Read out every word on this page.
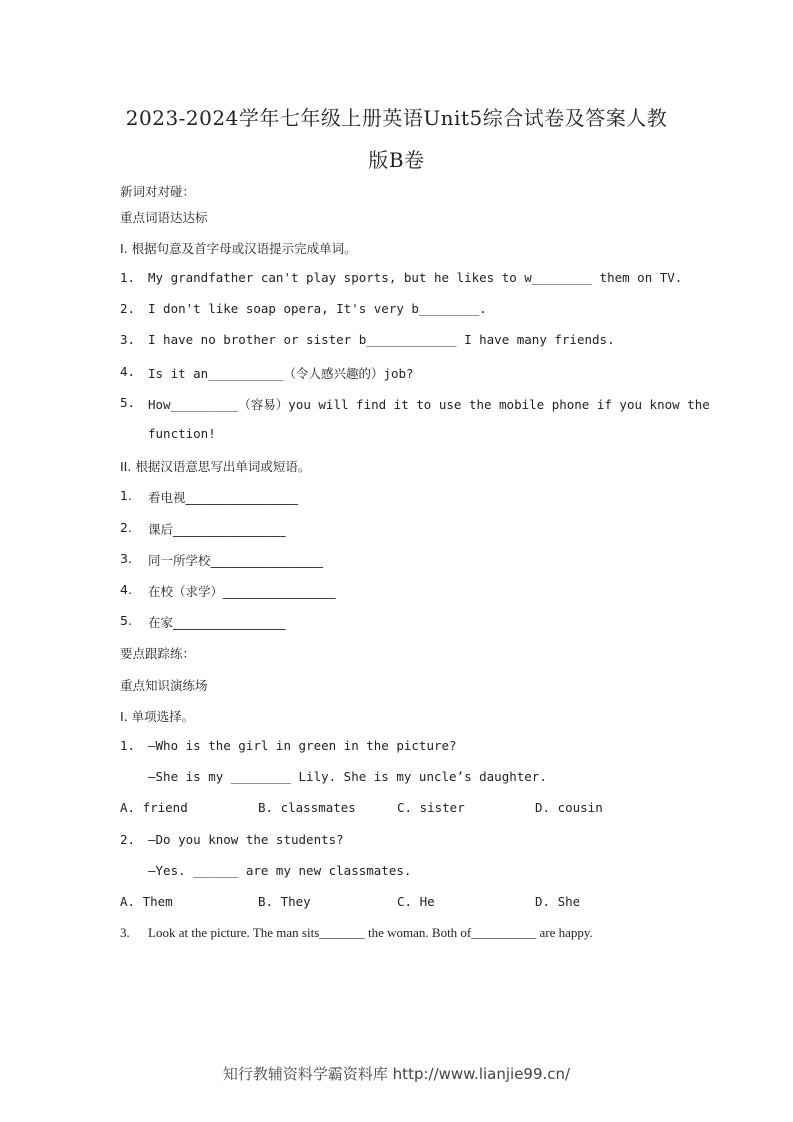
2023-2024学年七年级上册英语Unit5综合试卷及答案人教
版B卷
新词对对碰：
重点词语达达标
I. 根据句意及首字母或汉语提示完成单词。
1. My grandfather can't play sports, but he likes to w________ them on TV.
2. I don't like soap opera, It's very b________.
3. I have no brother or sister b____________ I have many friends.
4. Is it an__________（令人感兴趣的）job?
5. How_________（容易）you will find it to use the mobile phone if you know the
function!
II. 根据汉语意思写出单词或短语。
1. 看电视__________________
2. 课后__________________
3. 同一所学校__________________
4. 在校（求学）__________________
5. 在家__________________
要点跟踪练：
重点知识演练场
I. 单项选择。
1. —Who is the girl in green in the picture?
—She is my ________ Lily. She is my uncle’s daughter.
A. friend	B. classmates	C. sister	D. cousin
2. —Do you know the students?
—Yes. ______ are my new classmates.
A. Them	B. They	C. He	D. She
3. Look at the picture. The man sits_______ the woman. Both of__________ are happy.
知行教辅资料学霸资料库 http://www.lianjie99.cn/
